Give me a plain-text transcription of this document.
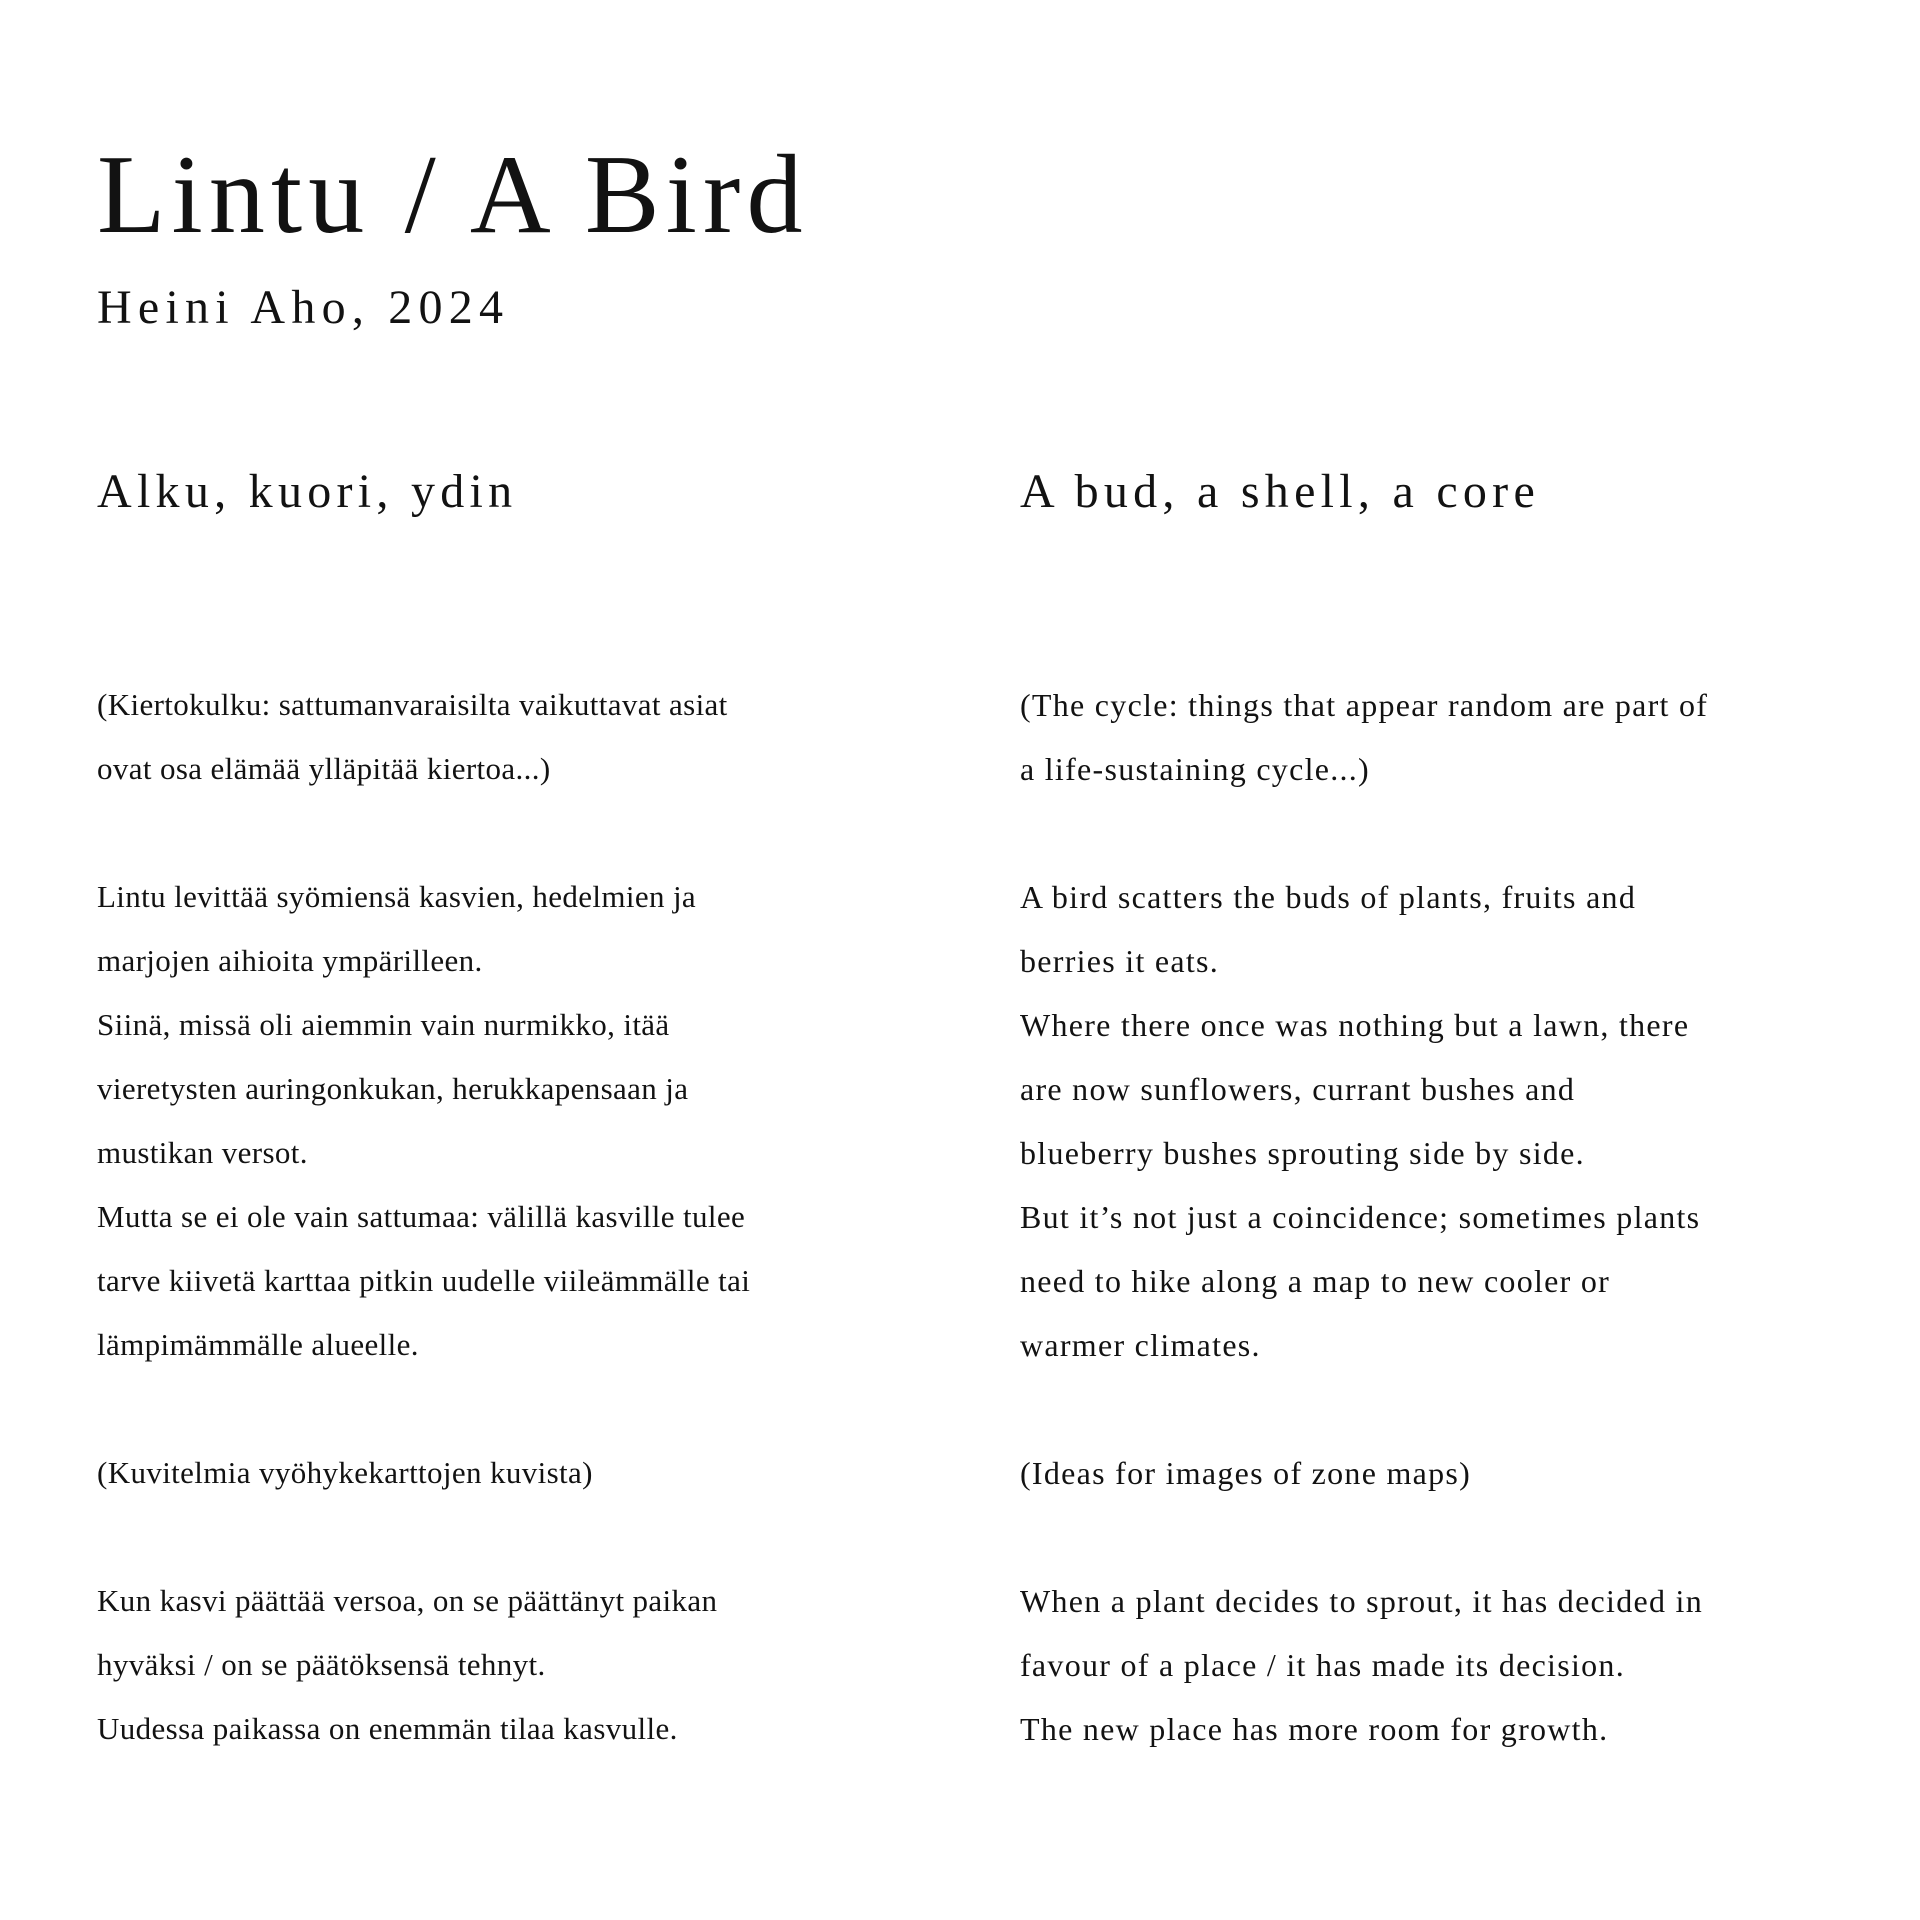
Lintu / A Bird
Heini Aho, 2024
Alku, kuori, ydin
(Kiertokulku: sattumanvaraisilta vaikuttavat asiat
ovat osa elämää ylläpitää kiertoa...)
Lintu levittää syömiensä kasvien, hedelmien ja
marjojen aihioita ympärilleen.
Siinä, missä oli aiemmin vain nurmikko, itää
vieretysten auringonkukan, herukkapensaan ja
mustikan versot.
Mutta se ei ole vain sattumaa: välillä kasville tulee
tarve kiivetä karttaa pitkin uudelle viileämmälle tai
lämpimämmälle alueelle.
(Kuvitelmia vyöhykekarttojen kuvista)
Kun kasvi päättää versoa, on se päättänyt paikan
hyväksi / on se päätöksensä tehnyt.
Uudessa paikassa on enemmän tilaa kasvulle.
A bud, a shell, a core
(The cycle: things that appear random are part of
a life-sustaining cycle...)
A bird scatters the buds of plants, fruits and
berries it eats.
Where there once was nothing but a lawn, there
are now sunflowers, currant bushes and
blueberry bushes sprouting side by side.
But it’s not just a coincidence; sometimes plants
need to hike along a map to new cooler or
warmer climates.
(Ideas for images of zone maps)
When a plant decides to sprout, it has decided in
favour of a place / it has made its decision.
The new place has more room for growth.
